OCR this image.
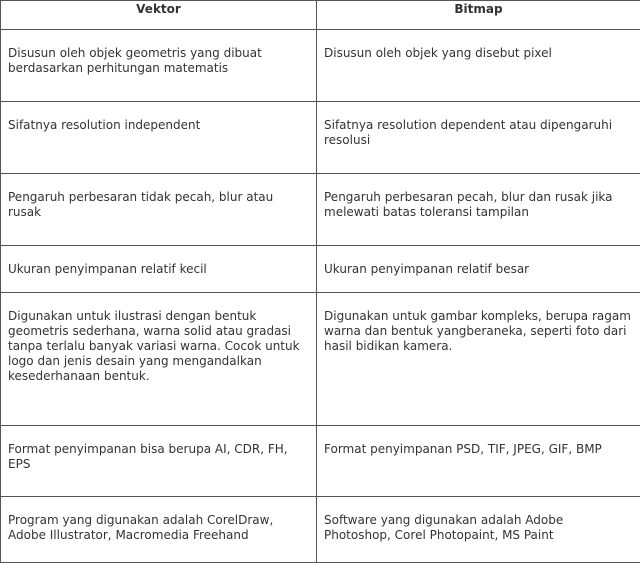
Vektor	Bitmap
Disusun oleh objek geometris yang dibuat berdasarkan perhitungan matematis	Disusun oleh objek yang disebut pixel
Sifatnya resolution independent	Sifatnya resolution dependent atau dipengaruhi resolusi
Pengaruh perbesaran tidak pecah, blur atau rusak	Pengaruh perbesaran pecah, blur dan rusak jika melewati batas toleransi tampilan
Ukuran penyimpanan relatif kecil	Ukuran penyimpanan relatif besar
Digunakan untuk ilustrasi dengan bentuk geometris sederhana, warna solid atau gradasi tanpa terlalu banyak variasi warna. Cocok untuk logo dan jenis desain yang mengandalkan kesederhanaan bentuk.	Digunakan untuk gambar kompleks, berupa ragam warna dan bentuk yangberaneka, seperti foto dari hasil bidikan kamera.
Format penyimpanan bisa berupa AI, CDR, FH, EPS	Format penyimpanan PSD, TIF, JPEG, GIF, BMP
Program yang digunakan adalah CorelDraw, Adobe Illustrator, Macromedia Freehand	Software yang digunakan adalah Adobe Photoshop, Corel Photopaint, MS Paint
